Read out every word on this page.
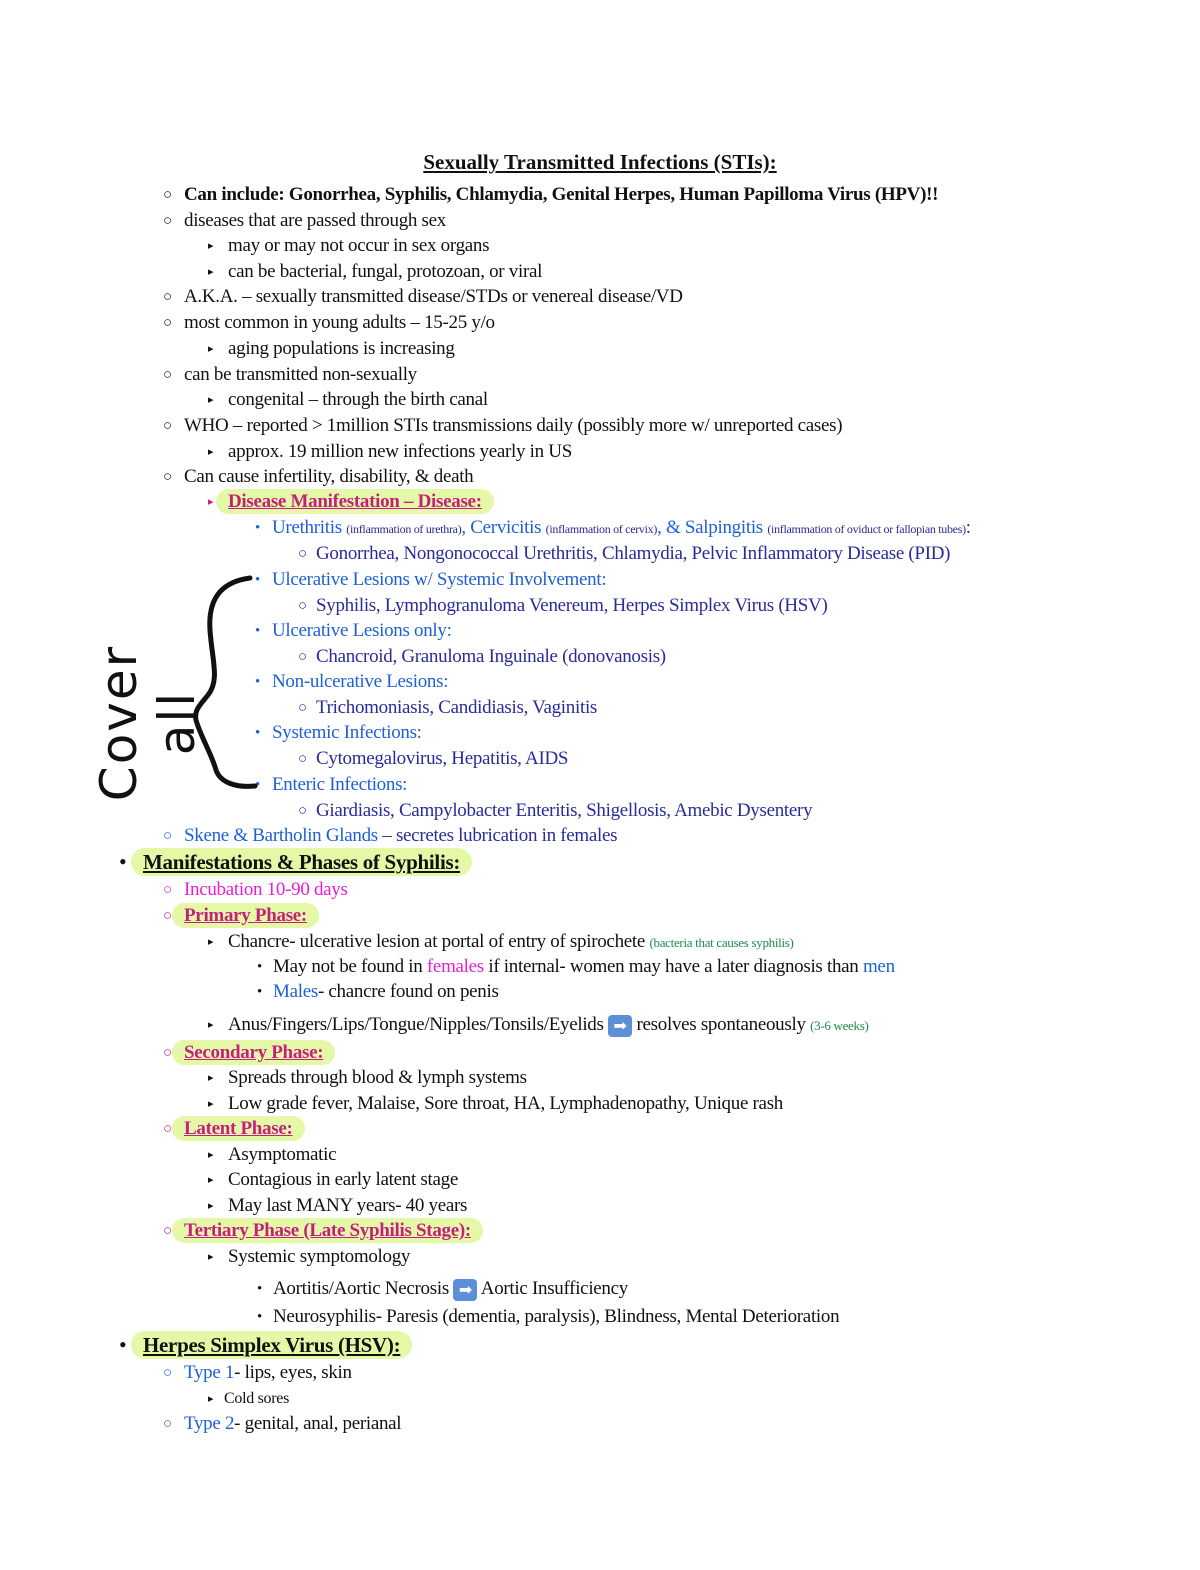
Sexually Transmitted Infections (STIs):
○ Can include: Gonorrhea, Syphilis, Chlamydia, Genital Herpes, Human Papilloma Virus (HPV)!!
○ diseases that are passed through sex
▸ may or may not occur in sex organs
▸ can be bacterial, fungal, protozoan, or viral
○ A.K.A. – sexually transmitted disease/STDs or venereal disease/VD
○ most common in young adults – 15-25 y/o
▸ aging populations is increasing
○ can be transmitted non-sexually
▸ congenital – through the birth canal
○ WHO – reported > 1million STIs transmissions daily (possibly more w/ unreported cases)
▸ approx. 19 million new infections yearly in US
○ Can cause infertility, disability, & death
▸ Disease Manifestation – Disease:
• Urethritis (inflammation of urethra), Cervicitis (inflammation of cervix), & Salpingitis (inflammation of oviduct or fallopian tubes):
○ Gonorrhea, Nongonococcal Urethritis, Chlamydia, Pelvic Inflammatory Disease (PID)
• Ulcerative Lesions w/ Systemic Involvement:
○ Syphilis, Lymphogranuloma Venereum, Herpes Simplex Virus (HSV)
• Ulcerative Lesions only:
○ Chancroid, Granuloma Inguinale (donovanosis)
• Non-ulcerative Lesions:
○ Trichomoniasis, Candidiasis, Vaginitis
• Systemic Infections:
○ Cytomegalovirus, Hepatitis, AIDS
• Enteric Infections:
○ Giardiasis, Campylobacter Enteritis, Shigellosis, Amebic Dysentery
○ Skene & Bartholin Glands – secretes lubrication in females
• Manifestations & Phases of Syphilis:
○ Incubation 10-90 days
○ Primary Phase:
▸ Chancre- ulcerative lesion at portal of entry of spirochete (bacteria that causes syphilis)
• May not be found in females if internal- women may have a later diagnosis than men
• Males- chancre found on penis
▸ Anus/Fingers/Lips/Tongue/Nipples/Tonsils/Eyelids ➡ resolves spontaneously (3-6 weeks)
○ Secondary Phase:
▸ Spreads through blood & lymph systems
▸ Low grade fever, Malaise, Sore throat, HA, Lymphadenopathy, Unique rash
○ Latent Phase:
▸ Asymptomatic
▸ Contagious in early latent stage
▸ May last MANY years- 40 years
○ Tertiary Phase (Late Syphilis Stage):
▸ Systemic symptomology
• Aortitis/Aortic Necrosis ➡ Aortic Insufficiency
• Neurosyphilis- Paresis (dementia, paralysis), Blindness, Mental Deterioration
• Herpes Simplex Virus (HSV):
○ Type 1- lips, eyes, skin
▸ Cold sores
○ Type 2- genital, anal, perianal
Cover all
